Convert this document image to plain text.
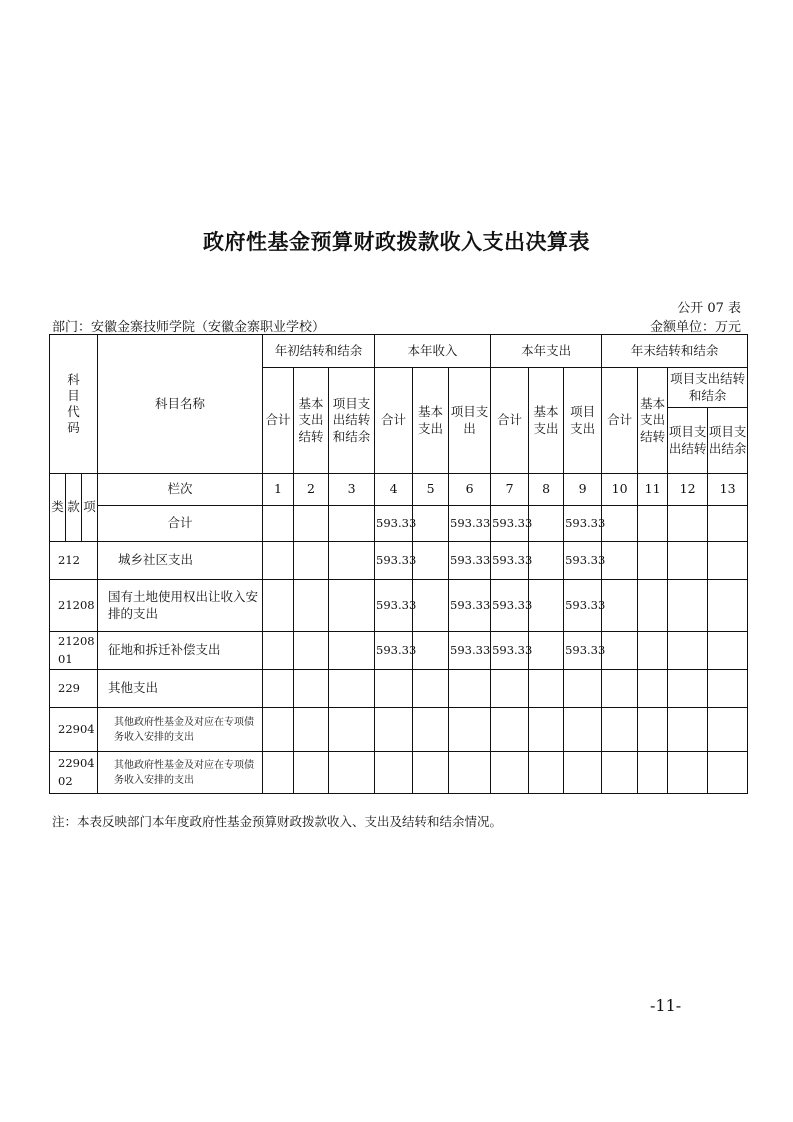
政府性基金预算财政拨款收入支出决算表
公开 07 表
部门：安徽金寨技师学院（安徽金寨职业学校）	金额单位：万元
科目代码			科目名称	年初结转和结余			本年收入			本年支出			年末结转和结余			
				合计	基本支出结转	项目支出结转和结余	合计	基本支出	项目支出	合计	基本支出	项目支出	合计	基本支出结转	项目支出结转和结余	
															项目支出结转	项目支出结余
类	款	项	栏次	1	2	3	4	5	6	7	8	9	10	11	12	13
			合计				593.33		593.33	593.33		593.33				
212			城乡社区支出				593.33		593.33	593.33		593.33				
21208			国有土地使用权出让收入安排的支出				593.33		593.33	593.33		593.33				
2120801			征地和拆迁补偿支出				593.33		593.33	593.33		593.33				
229			其他支出													
22904			其他政府性基金及对应在专项债务收入安排的支出													
2290402			其他政府性基金及对应在专项债务收入安排的支出													
注：本表反映部门本年度政府性基金预算财政拨款收入、支出及结转和结余情况。
-11-
